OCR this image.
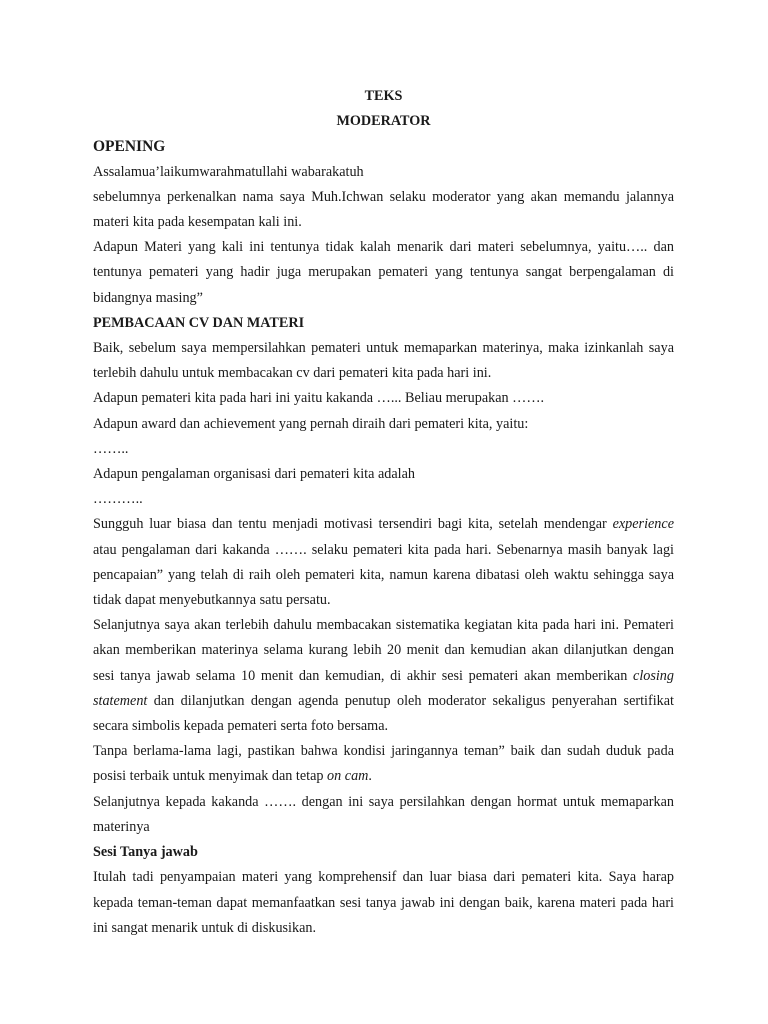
TEKS
MODERATOR
OPENING

Assalamua’laikumwarahmatullahi wabarakatuh

sebelumnya perkenalkan nama saya Muh.Ichwan selaku moderator yang akan memandu jalannya materi kita pada kesempatan kali ini.

Adapun Materi yang kali ini tentunya tidak kalah menarik dari materi sebelumnya, yaitu….. dan tentunya pemateri yang hadir juga merupakan pemateri yang tentunya sangat berpengalaman di bidangnya masing”

PEMBACAAN CV DAN MATERI

Baik, sebelum saya mempersilahkan pemateri untuk memaparkan materinya, maka izinkanlah saya terlebih dahulu untuk membacakan cv dari pemateri kita pada hari ini.

Adapun pemateri kita pada hari ini yaitu kakanda …... Beliau merupakan …….

Adapun award dan achievement yang pernah diraih dari pemateri kita, yaitu:

……..

Adapun pengalaman organisasi dari pemateri kita adalah

………..

Sungguh luar biasa dan tentu menjadi motivasi tersendiri bagi kita, setelah mendengar experience atau pengalaman dari kakanda ……. selaku pemateri kita pada hari. Sebenarnya masih banyak lagi pencapaian” yang telah di raih oleh pemateri kita, namun karena dibatasi oleh waktu sehingga saya tidak dapat menyebutkannya satu persatu.

Selanjutnya saya akan terlebih dahulu membacakan sistematika kegiatan kita pada hari ini. Pemateri akan memberikan materinya selama kurang lebih 20 menit dan kemudian akan dilanjutkan dengan sesi tanya jawab selama 10 menit dan kemudian, di akhir sesi pemateri akan memberikan closing statement dan dilanjutkan dengan agenda penutup oleh moderator sekaligus penyerahan sertifikat secara simbolis kepada pemateri serta foto bersama.

Tanpa berlama-lama lagi, pastikan bahwa kondisi jaringannya teman” baik dan sudah duduk pada posisi terbaik untuk menyimak dan tetap on cam.

Selanjutnya kepada kakanda ……. dengan ini saya persilahkan dengan hormat untuk memaparkan materinya

Sesi Tanya jawab

Itulah tadi penyampaian materi yang komprehensif dan luar biasa dari pemateri kita. Saya harap kepada teman-teman dapat memanfaatkan sesi tanya jawab ini dengan baik, karena materi pada hari ini sangat menarik untuk di diskusikan.
